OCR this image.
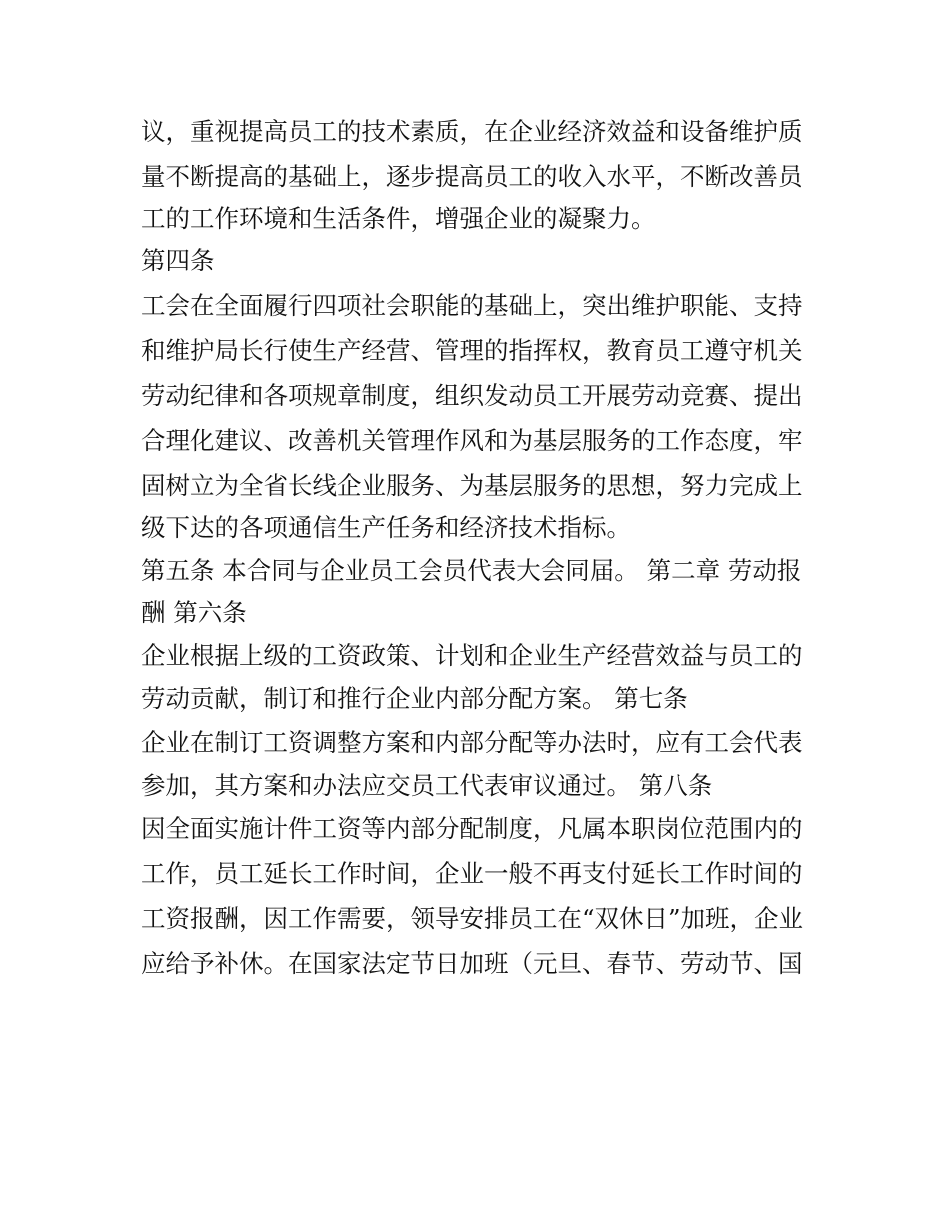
议，重视提高员工的技术素质，在企业经济效益和设备维护质
量不断提高的基础上，逐步提高员工的收入水平，不断改善员
工的工作环境和生活条件，增强企业的凝聚力。
第四条
工会在全面履行四项社会职能的基础上，突出维护职能、支持
和维护局长行使生产经营、管理的指挥权，教育员工遵守机关
劳动纪律和各项规章制度，组织发动员工开展劳动竞赛、提出
合理化建议、改善机关管理作风和为基层服务的工作态度，牢
固树立为全省长线企业服务、为基层服务的思想，努力完成上
级下达的各项通信生产任务和经济技术指标。
第五条 本合同与企业员工会员代表大会同届。 第二章 劳动报
酬 第六条
企业根据上级的工资政策、计划和企业生产经营效益与员工的
劳动贡献，制订和推行企业内部分配方案。 第七条
企业在制订工资调整方案和内部分配等办法时，应有工会代表
参加，其方案和办法应交员工代表审议通过。 第八条
因全面实施计件工资等内部分配制度，凡属本职岗位范围内的
工作，员工延长工作时间，企业一般不再支付延长工作时间的
工资报酬，因工作需要，领导安排员工在“双休日”加班，企业
应给予补休。在国家法定节日加班（元旦、春节、劳动节、国
